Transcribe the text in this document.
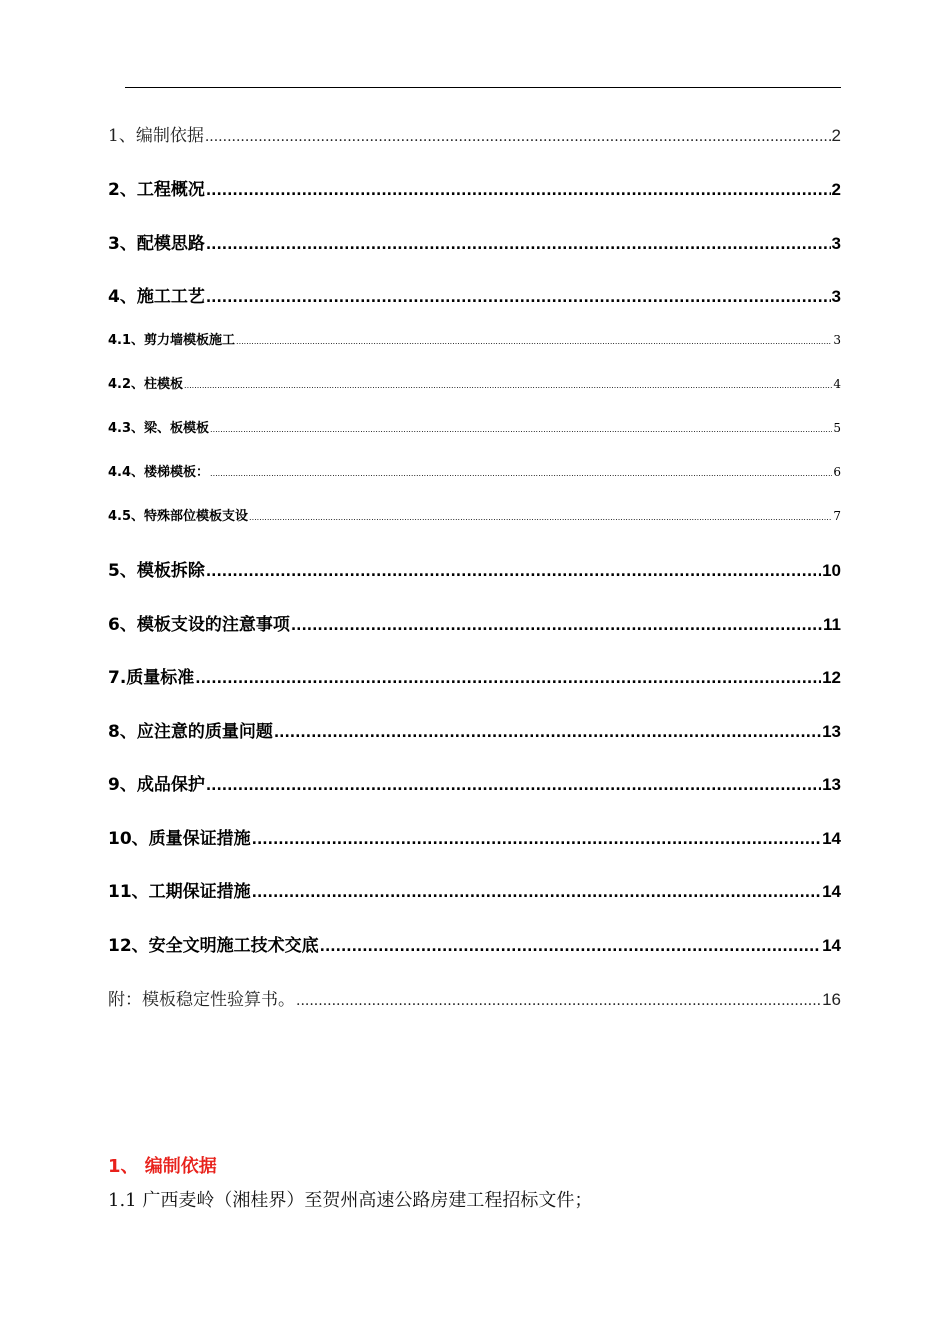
1、编制依据 .....	2
2、工程概况 .....	2
3、配模思路 .....	3
4、施工工艺 .....	3
4.1、剪力墙模板施工 .....	3
4.2、柱模板 .....	4
4.3、梁、板模板 .....	5
4.4、楼梯模板： .....	6
4.5、特殊部位模板支设 .....	7
5、模板拆除 .....	10
6、模板支设的注意事项 .....	11
7.质量标准 .....	12
8、应注意的质量问题 .....	13
9、成品保护 .....	13
10、质量保证措施 .....	14
11、工期保证措施 .....	14
12、安全文明施工技术交底 .....	14
附：模板稳定性验算书。 .....	16
1、 编制依据
1.1 广西麦岭（湘桂界）至贺州高速公路房建工程招标文件；
